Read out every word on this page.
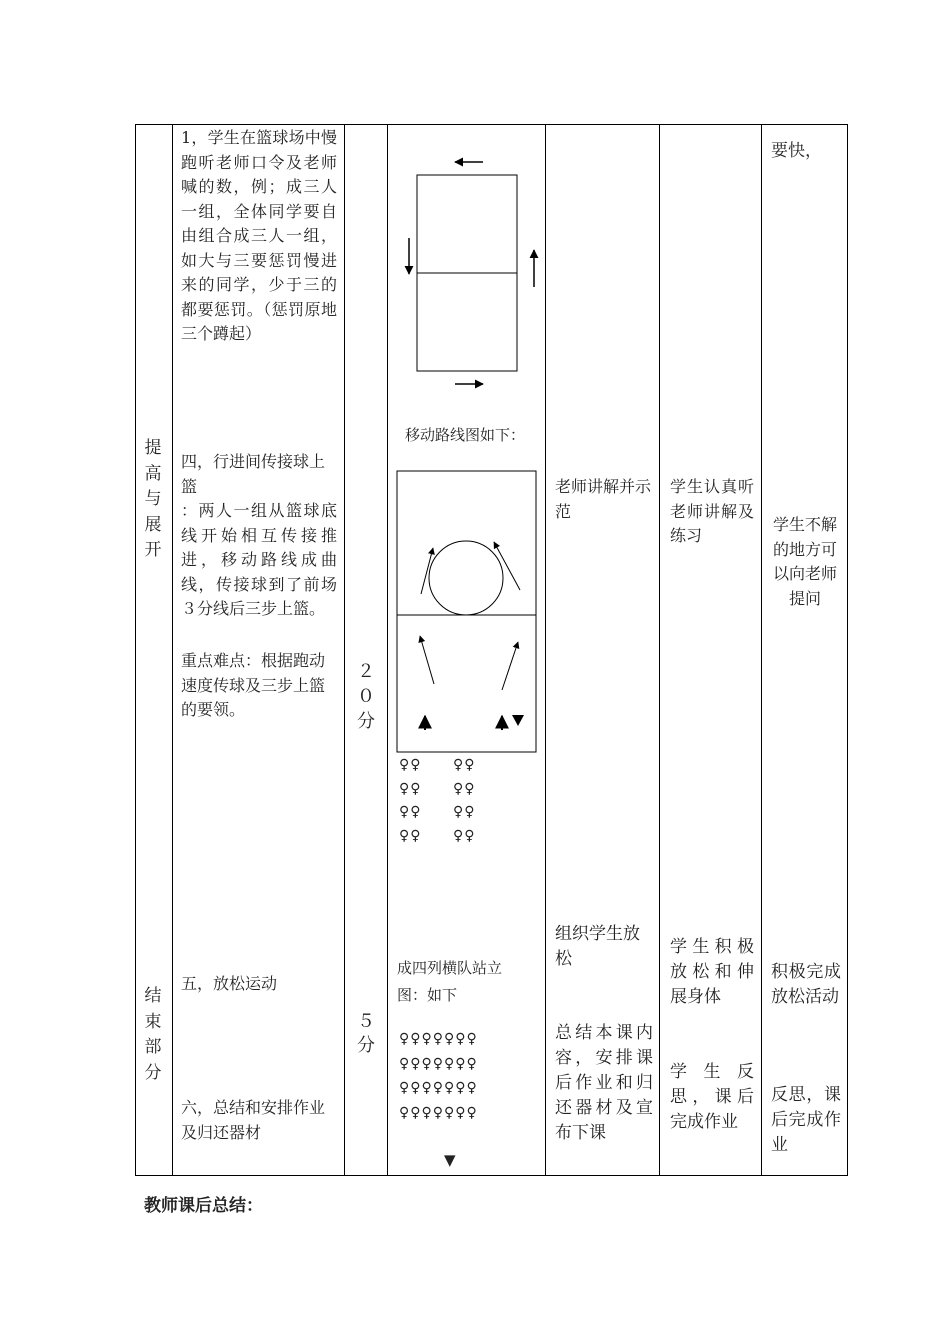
提高与展开
结束部分
1，学生在篮球场中慢跑听老师口令及老师喊的数，例；成三人一组，全体同学要自由组合成三人一组，如大与三要惩罚慢进来的同学，少于三的都要惩罚。（惩罚原地三个蹲起）
四，行进间传接球上篮
：两人一组从篮球底线开始相互传接推进，移动路线成曲线，传接球到了前场３分线后三步上篮。
重点难点：根据跑动速度传球及三步上篮的要领。
五，放松运动
六，总结和安排作业及归还器材
２
０
分
５
分
移动路线图如下：
♀♀
♀♀
♀♀
♀♀
♀♀
♀♀
♀♀
♀♀
成四列横队站立图：如下
♀♀♀♀♀♀♀
♀♀♀♀♀♀♀
♀♀♀♀♀♀♀
♀♀♀♀♀♀♀
▼
老师讲解并示范
组织学生放松
总结本课内容，安排课后作业和归还器材及宣布下课
学生认真听老师讲解及练习
学生积极放松和伸展身体
学生反思，课后完成作业
要快，
学生不解的地方可以向老师提问
积极完成放松活动
反思，课后完成作业
教师课后总结：
